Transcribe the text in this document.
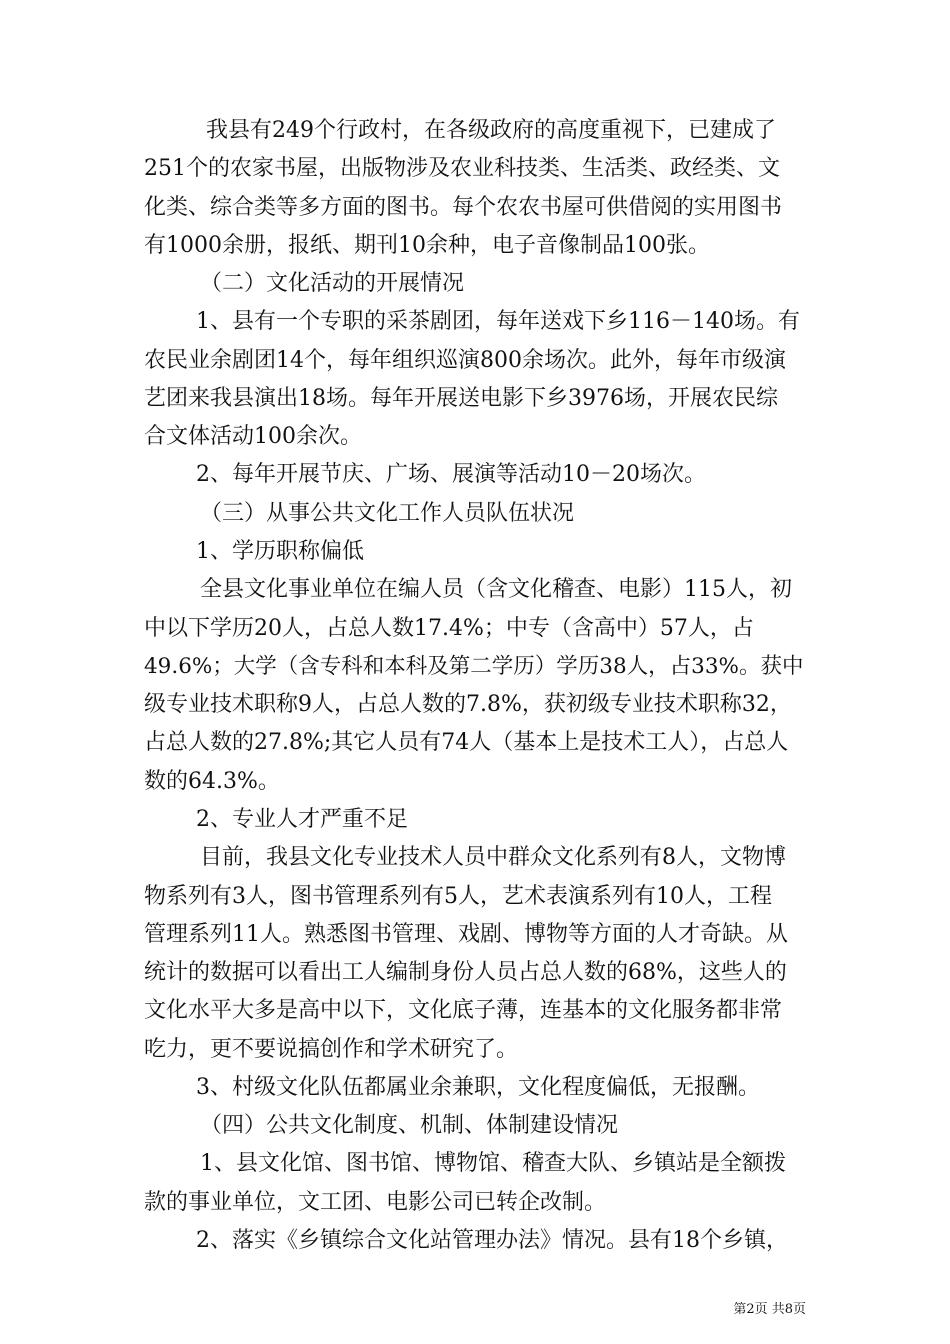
我县有249个行政村，在各级政府的高度重视下，已建成了
251个的农家书屋，出版物涉及农业科技类、生活类、政经类、文
化类、综合类等多方面的图书。每个农农书屋可供借阅的实用图书
有1000余册，报纸、期刊10余种，电子音像制品100张。
（二）文化活动的开展情况
1、县有一个专职的采茶剧团，每年送戏下乡116－140场。有
农民业余剧团14个，每年组织巡演800余场次。此外，每年市级演
艺团来我县演出18场。每年开展送电影下乡3976场，开展农民综
合文体活动100余次。
2、每年开展节庆、广场、展演等活动10－20场次。
（三）从事公共文化工作人员队伍状况
1、学历职称偏低
全县文化事业单位在编人员（含文化稽查、电影）115人，初
中以下学历20人，占总人数17.4%；中专（含高中）57人，占
49.6%；大学（含专科和本科及第二学历）学历38人，占33%。获中
级专业技术职称9人，占总人数的7.8%，获初级专业技术职称32，
占总人数的27.8%;其它人员有74人（基本上是技术工人），占总人
数的64.3%。
2、专业人才严重不足
目前，我县文化专业技术人员中群众文化系列有8人，文物博
物系列有3人，图书管理系列有5人，艺术表演系列有10人，工程
管理系列11人。熟悉图书管理、戏剧、博物等方面的人才奇缺。从
统计的数据可以看出工人编制身份人员占总人数的68%，这些人的
文化水平大多是高中以下，文化底子薄，连基本的文化服务都非常
吃力，更不要说搞创作和学术研究了。
3、村级文化队伍都属业余兼职，文化程度偏低，无报酬。
（四）公共文化制度、机制、体制建设情况
1、县文化馆、图书馆、博物馆、稽查大队、乡镇站是全额拨
款的事业单位，文工团、电影公司已转企改制。
2、落实《乡镇综合文化站管理办法》情况。县有18个乡镇，
第2页 共8页
